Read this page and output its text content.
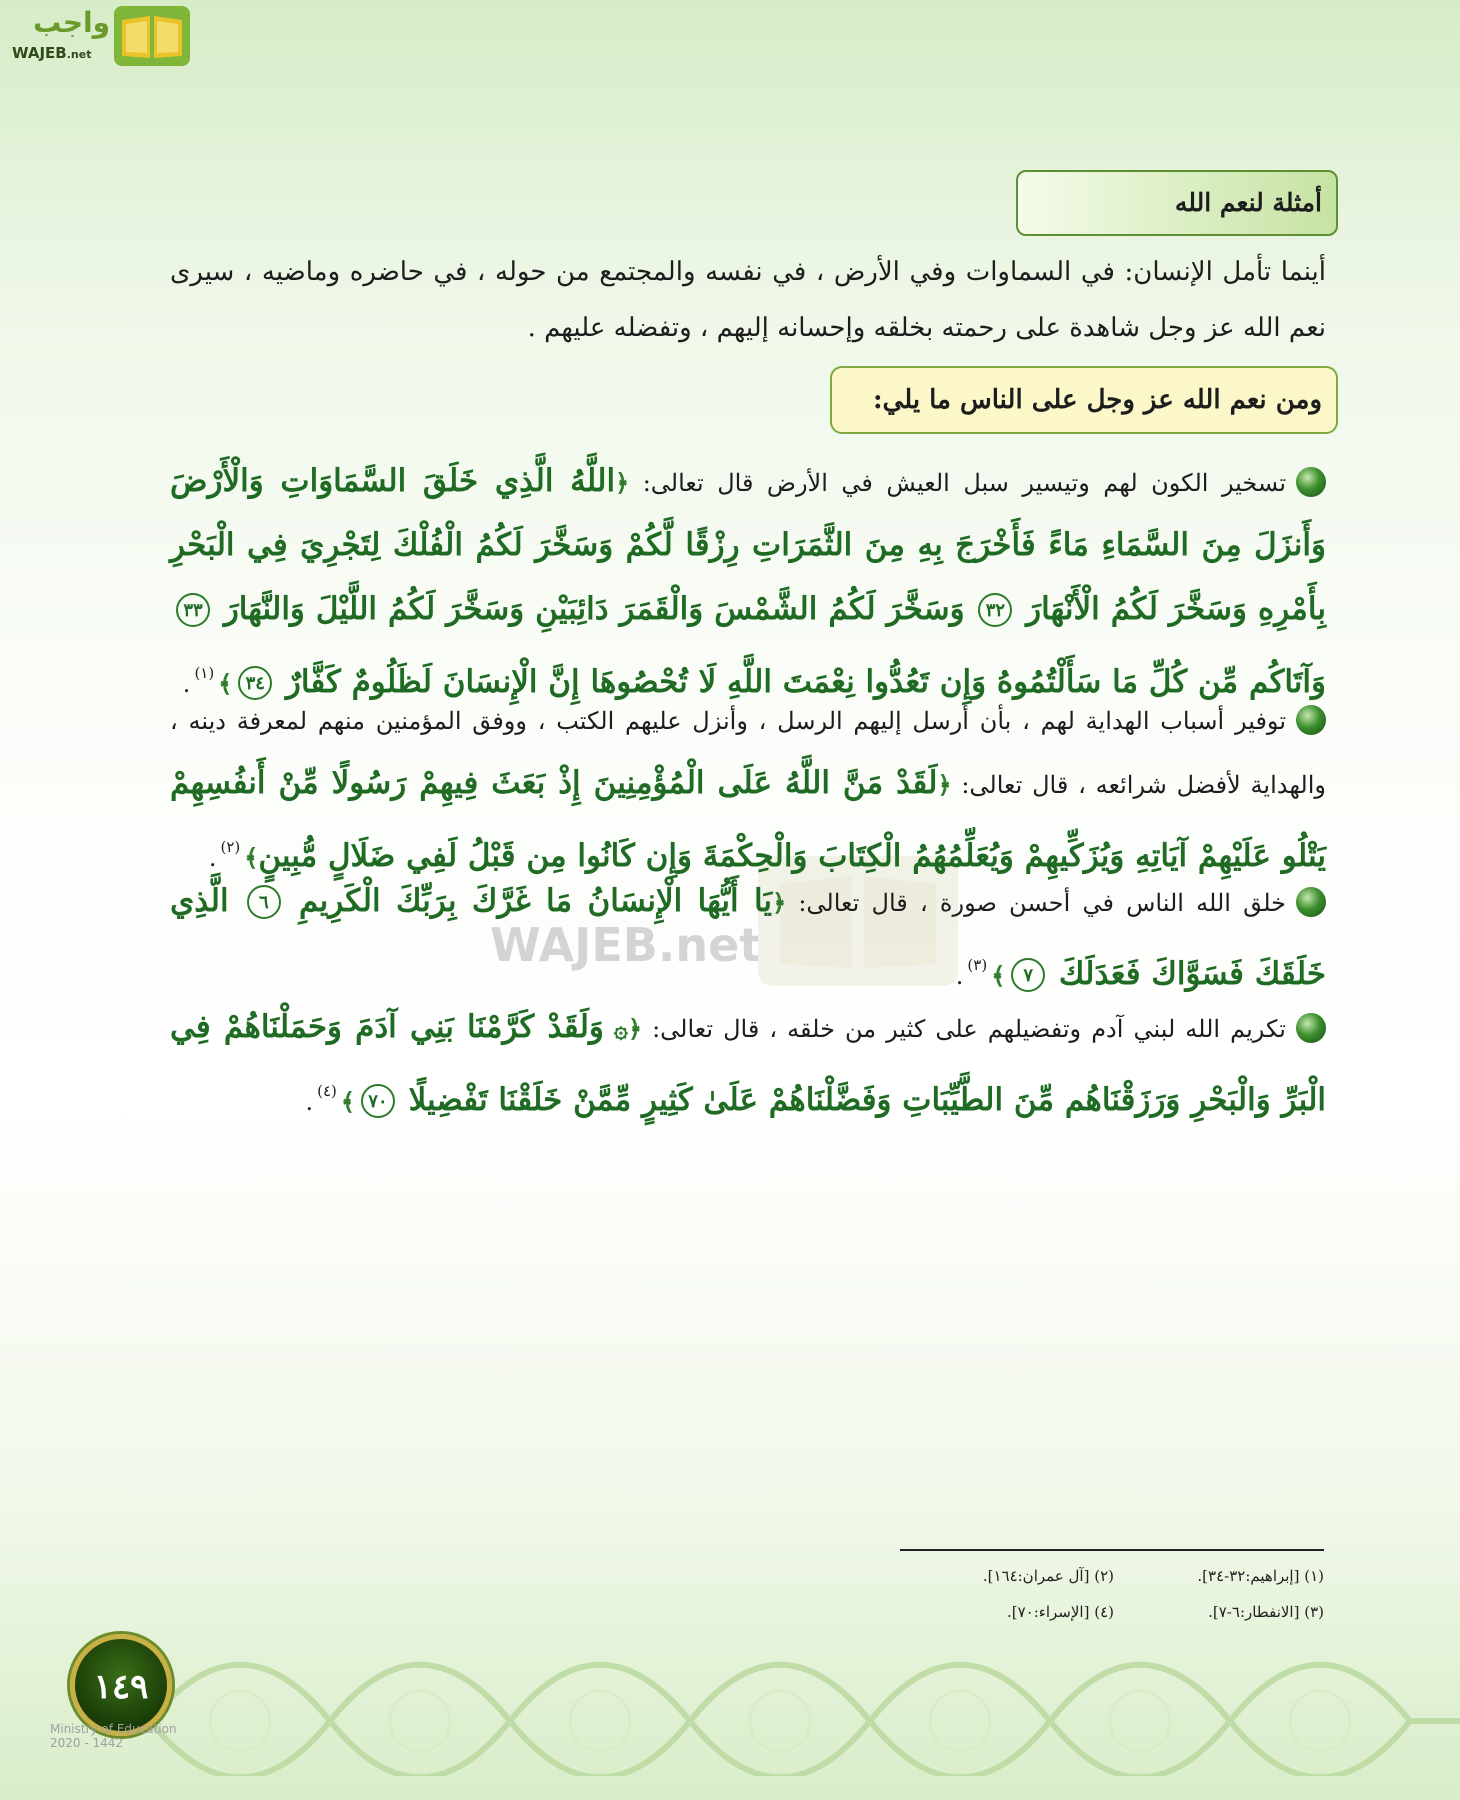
واجب
WAJEB.net
WAJEB.net
أمثلة لنعم الله
أينما تأمل الإنسان: في السماوات وفي الأرض ، في نفسه والمجتمع من حوله ، في حاضره وماضيه ، سيرى نعم الله عز وجل شاهدة على رحمته بخلقه وإحسانه إليهم ، وتفضله عليهم .
ومن نعم الله عز وجل على الناس ما يلي:
تسخير الكون لهم وتيسير سبل العيش في الأرض قال تعالى: ﴿اللَّهُ الَّذِي خَلَقَ السَّمَاوَاتِ وَالْأَرْضَ وَأَنزَلَ مِنَ السَّمَاءِ مَاءً فَأَخْرَجَ بِهِ مِنَ الثَّمَرَاتِ رِزْقًا لَّكُمْ وَسَخَّرَ لَكُمُ الْفُلْكَ لِتَجْرِيَ فِي الْبَحْرِ بِأَمْرِهِ وَسَخَّرَ لَكُمُ الْأَنْهَارَ ٣٢ وَسَخَّرَ لَكُمُ الشَّمْسَ وَالْقَمَرَ دَائِبَيْنِ وَسَخَّرَ لَكُمُ اللَّيْلَ وَالنَّهَارَ ٣٣ وَآتَاكُم مِّن كُلِّ مَا سَأَلْتُمُوهُ وَإِن تَعُدُّوا نِعْمَتَ اللَّهِ لَا تُحْصُوهَا إِنَّ الْإِنسَانَ لَظَلُومٌ كَفَّارٌ ٣٤﴾$^{(١)}$.
توفير أسباب الهداية لهم ، بأن أرسل إليهم الرسل ، وأنزل عليهم الكتب ، ووفق المؤمنين منهم لمعرفة دينه ، والهداية لأفضل شرائعه ، قال تعالى: ﴿لَقَدْ مَنَّ اللَّهُ عَلَى الْمُؤْمِنِينَ إِذْ بَعَثَ فِيهِمْ رَسُولًا مِّنْ أَنفُسِهِمْ يَتْلُو عَلَيْهِمْ آيَاتِهِ وَيُزَكِّيهِمْ وَيُعَلِّمُهُمُ الْكِتَابَ وَالْحِكْمَةَ وَإِن كَانُوا مِن قَبْلُ لَفِي ضَلَالٍ مُّبِينٍ﴾$^{(٢)}$.
خلق الله الناس في أحسن صورة ، قال تعالى: ﴿يَا أَيُّهَا الْإِنسَانُ مَا غَرَّكَ بِرَبِّكَ الْكَرِيمِ ٦ الَّذِي خَلَقَكَ فَسَوَّاكَ فَعَدَلَكَ ٧﴾$^{(٣)}$.
تكريم الله لبني آدم وتفضيلهم على كثير من خلقه ، قال تعالى: ﴿۞ وَلَقَدْ كَرَّمْنَا بَنِي آدَمَ وَحَمَلْنَاهُمْ فِي الْبَرِّ وَالْبَحْرِ وَرَزَقْنَاهُم مِّنَ الطَّيِّبَاتِ وَفَضَّلْنَاهُمْ عَلَىٰ كَثِيرٍ مِّمَّنْ خَلَقْنَا تَفْضِيلًا ٧٠﴾$^{(٤)}$.
(١) [إبراهيم:٣٢-٣٤].(٢) [آل عمران:١٦٤].
(٣) [الانفطار:٦-٧].(٤) [الإسراء:٧٠].
١٤٩
Ministry of Education
2020 - 1442
